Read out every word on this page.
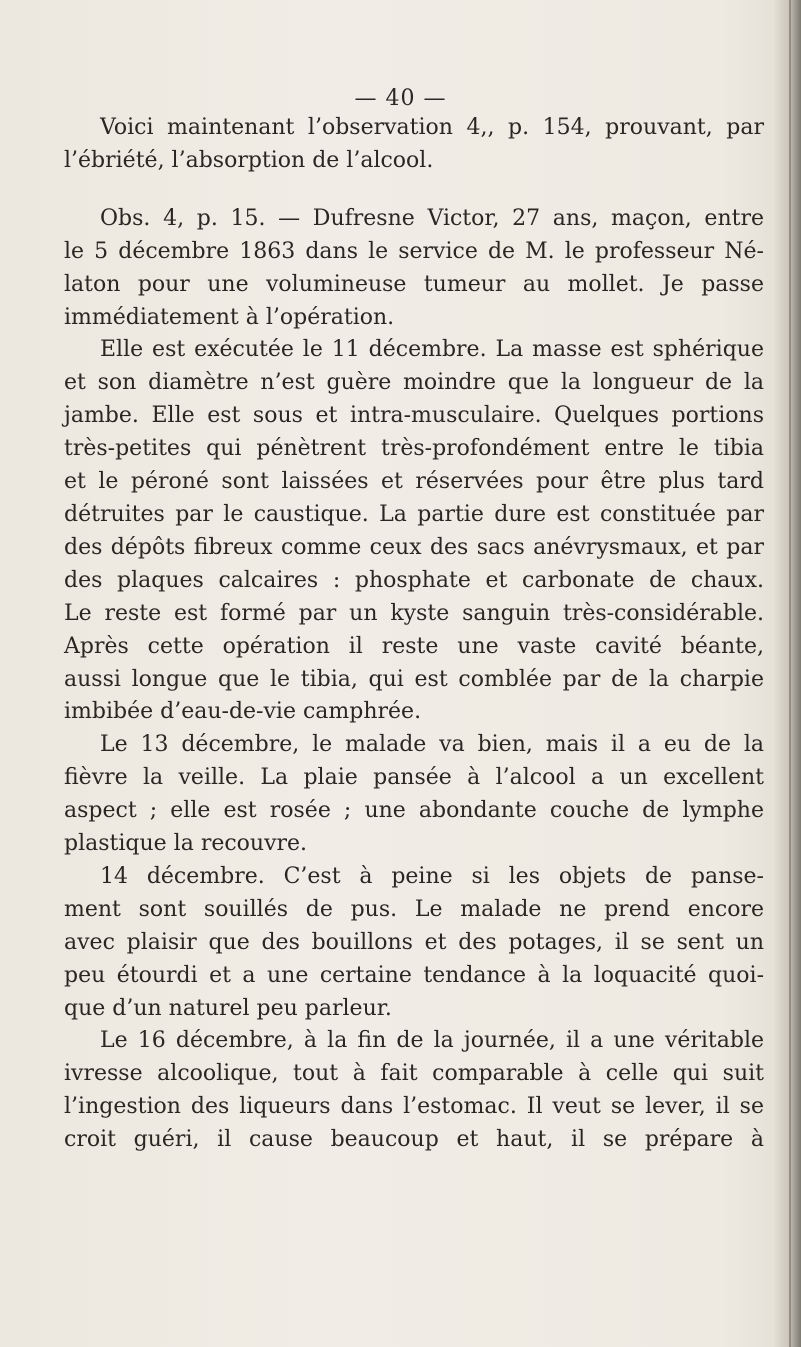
— 40 —

Voici maintenant l’observation 4,, p. 154, prouvant, par
l’ébriété, l’absorption de l’alcool.

Obs. 4, p. 15. — Dufresne Victor, 27 ans, maçon, entre
le 5 décembre 1863 dans le service de M. le professeur Né-
laton pour une volumineuse tumeur au mollet. Je passe
immédiatement à l’opération.

Elle est exécutée le 11 décembre. La masse est sphérique
et son diamètre n’est guère moindre que la longueur de la
jambe. Elle est sous et intra-musculaire. Quelques portions
très-petites qui pénètrent très-profondément entre le tibia
et le péroné sont laissées et réservées pour être plus tard
détruites par le caustique. La partie dure est constituée par
des dépôts fibreux comme ceux des sacs anévrysmaux, et par
des plaques calcaires : phosphate et carbonate de chaux.
Le reste est formé par un kyste sanguin très-considérable.
Après cette opération il reste une vaste cavité béante,
aussi longue que le tibia, qui est comblée par de la charpie
imbibée d’eau-de-vie camphrée.

Le 13 décembre, le malade va bien, mais il a eu de la
fièvre la veille. La plaie pansée à l’alcool a un excellent
aspect ; elle est rosée ; une abondante couche de lymphe
plastique la recouvre.

14 décembre. C’est à peine si les objets de panse-
ment sont souillés de pus. Le malade ne prend encore
avec plaisir que des bouillons et des potages, il se sent un
peu étourdi et a une certaine tendance à la loquacité quoi-
que d’un naturel peu parleur.

Le 16 décembre, à la fin de la journée, il a une véritable
ivresse alcoolique, tout à fait comparable à celle qui suit
l’ingestion des liqueurs dans l’estomac. Il veut se lever, il se
croit guéri, il cause beaucoup et haut, il se prépare à
